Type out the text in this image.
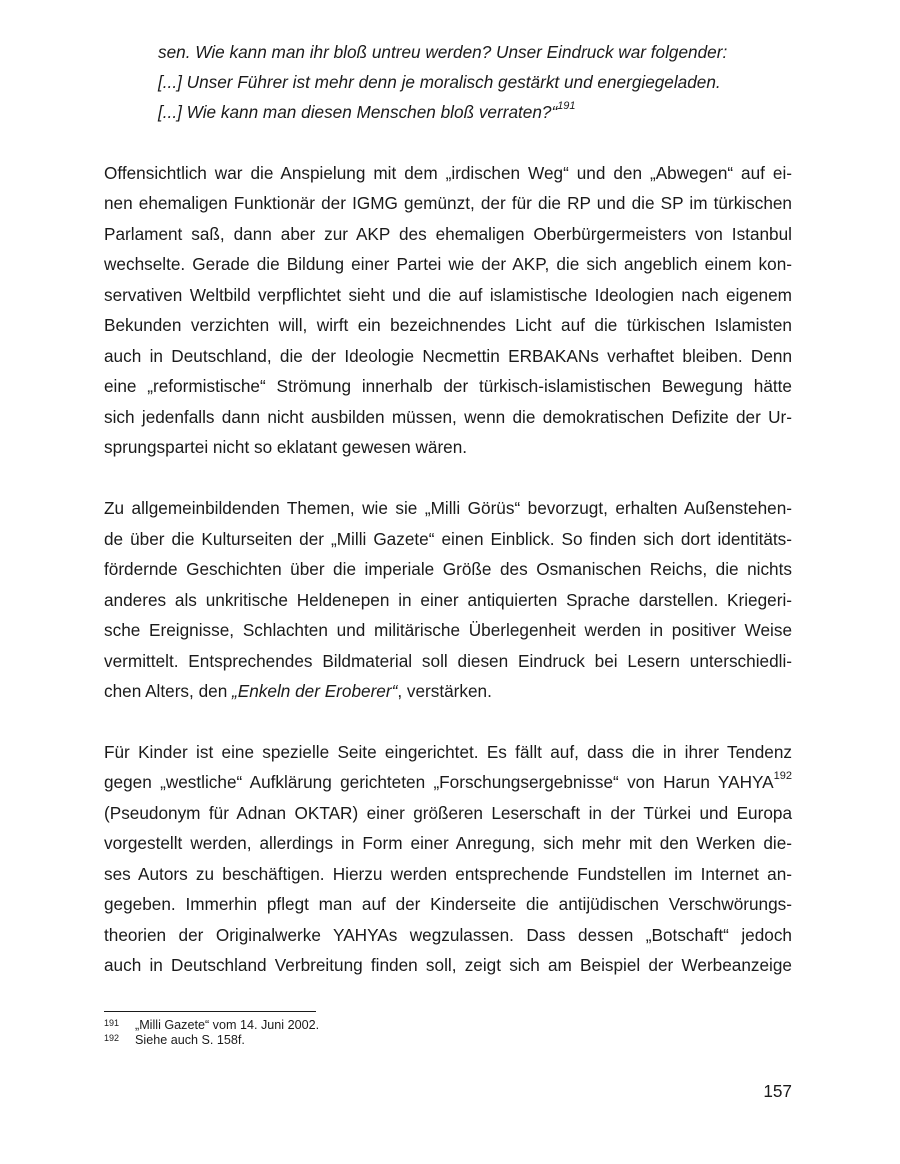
sen. Wie kann man ihr bloß untreu werden? Unser Eindruck war folgender:
[...] Unser Führer ist mehr denn je moralisch gestärkt und energiegeladen.
[...] Wie kann man diesen Menschen bloß verraten?“$^{191}$
Offensichtlich war die Anspielung mit dem „irdischen Weg“ und den „Abwegen“ auf ei-
nen ehemaligen Funktionär der IGMG gemünzt, der für die RP und die SP im türkischen
Parlament saß, dann aber zur AKP des ehemaligen Oberbürgermeisters von Istanbul
wechselte. Gerade die Bildung einer Partei wie der AKP, die sich angeblich einem kon-
servativen Weltbild verpflichtet sieht und die auf islamistische Ideologien nach eigenem
Bekunden verzichten will, wirft ein bezeichnendes Licht auf die türkischen Islamisten
auch in Deutschland, die der Ideologie Necmettin ERBAKANs verhaftet bleiben. Denn
eine „reformistische“ Strömung innerhalb der türkisch-islamistischen Bewegung hätte
sich jedenfalls dann nicht ausbilden müssen, wenn die demokratischen Defizite der Ur-
sprungspartei nicht so eklatant gewesen wären.
Zu allgemeinbildenden Themen, wie sie „Milli Görüs“ bevorzugt, erhalten Außenstehen-
de über die Kulturseiten der „Milli Gazete“ einen Einblick. So finden sich dort identitäts-
fördernde Geschichten über die imperiale Größe des Osmanischen Reichs, die nichts
anderes als unkritische Heldenepen in einer antiquierten Sprache darstellen. Kriegeri-
sche Ereignisse, Schlachten und militärische Überlegenheit werden in positiver Weise
vermittelt. Entsprechendes Bildmaterial soll diesen Eindruck bei Lesern unterschiedli-
chen Alters, den „Enkeln der Eroberer“, verstärken.
Für Kinder ist eine spezielle Seite eingerichtet. Es fällt auf, dass die in ihrer Tendenz
gegen „westliche“ Aufklärung gerichteten „Forschungsergebnisse“ von Harun YAHYA$^{192}$
(Pseudonym für Adnan OKTAR) einer größeren Leserschaft in der Türkei und Europa
vorgestellt werden, allerdings in Form einer Anregung, sich mehr mit den Werken die-
ses Autors zu beschäftigen. Hierzu werden entsprechende Fundstellen im Internet an-
gegeben. Immerhin pflegt man auf der Kinderseite die antijüdischen Verschwörungs-
theorien der Originalwerke YAHYAs wegzulassen. Dass dessen „Botschaft“ jedoch
auch in Deutschland Verbreitung finden soll, zeigt sich am Beispiel der Werbeanzeige
191 „Milli Gazete“ vom 14. Juni 2002.
192 Siehe auch S. 158f.
157
